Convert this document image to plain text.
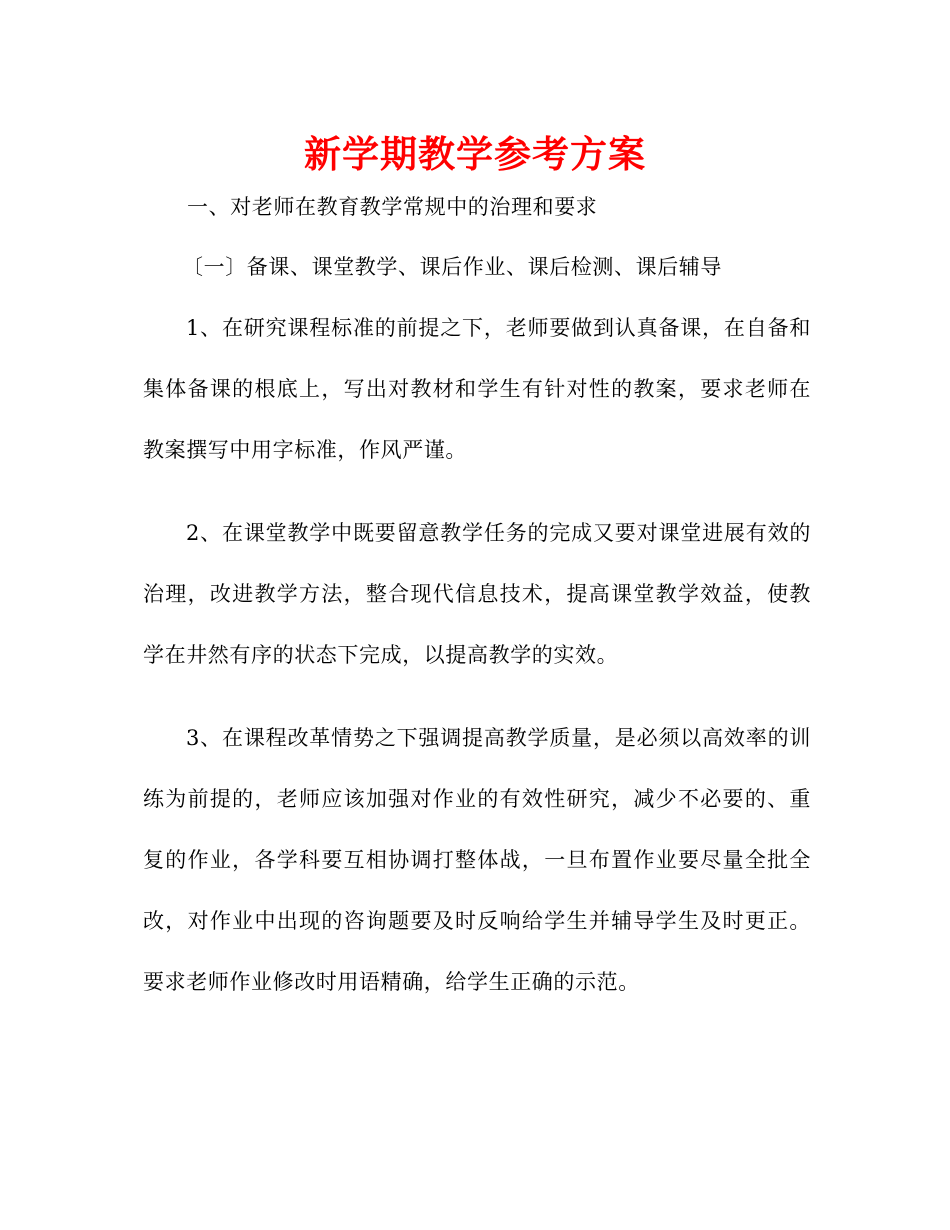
新学期教学参考方案
一、对老师在教育教学常规中的治理和要求
〔一〕备课、课堂教学、课后作业、课后检测、课后辅导
1、在研究课程标准的前提之下，老师要做到认真备课，在自备和集体备课的根底上，写出对教材和学生有针对性的教案，要求老师在教案撰写中用字标准，作风严谨。
2、在课堂教学中既要留意教学任务的完成又要对课堂进展有效的治理，改进教学方法，整合现代信息技术，提高课堂教学效益，使教学在井然有序的状态下完成，以提高教学的实效。
3、在课程改革情势之下强调提高教学质量，是必须以高效率的训练为前提的，老师应该加强对作业的有效性研究，减少不必要的、重复的作业，各学科要互相协调打整体战，一旦布置作业要尽量全批全改，对作业中出现的咨询题要及时反响给学生并辅导学生及时更正。要求老师作业修改时用语精确，给学生正确的示范。
